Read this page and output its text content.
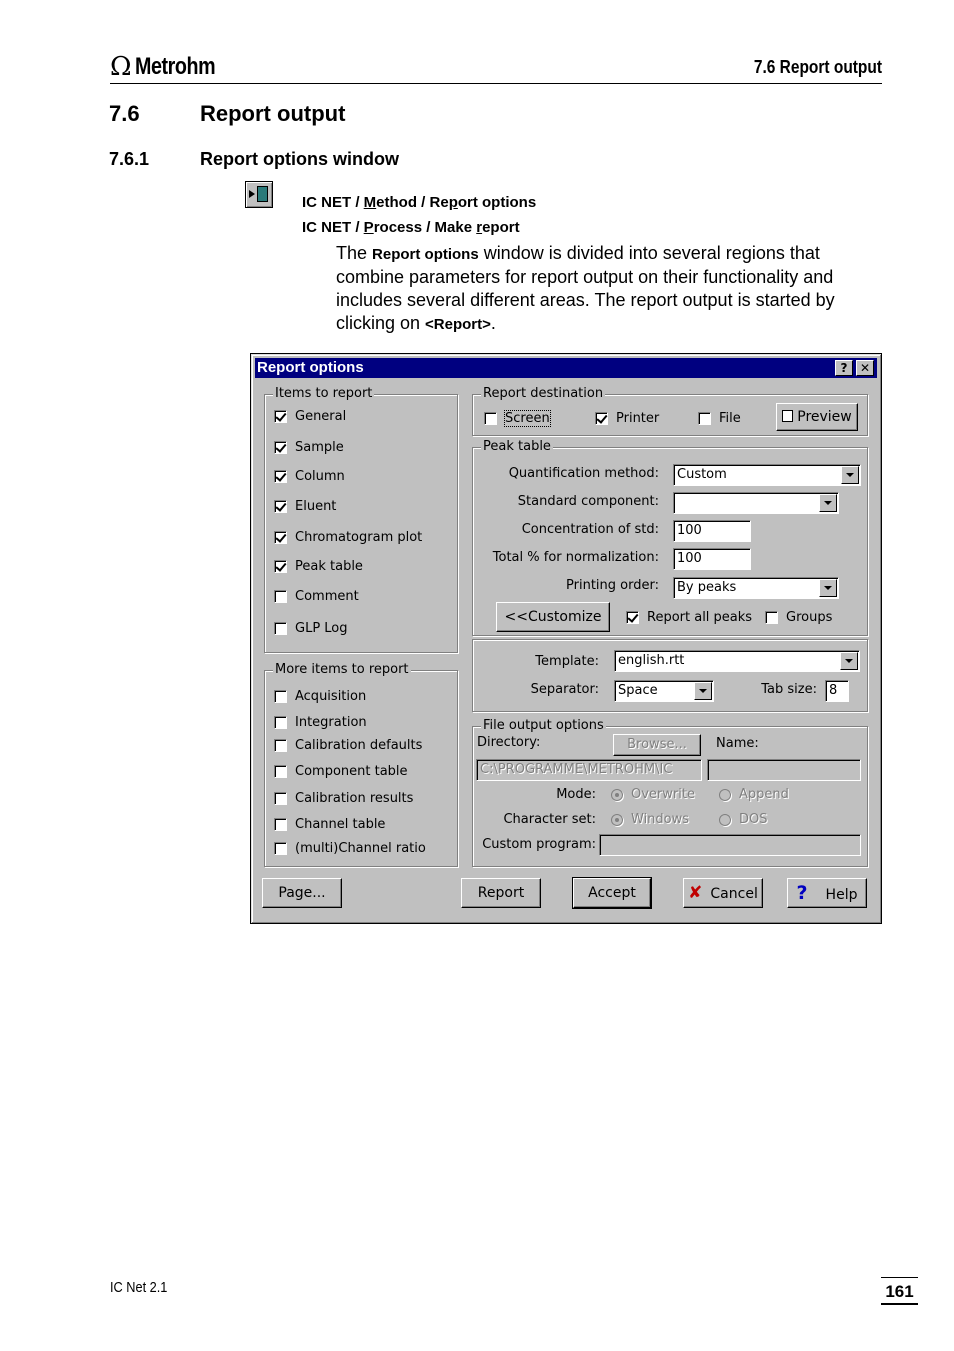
Ω Metrohm	7.6 Report output
7.6	Report output
7.6.1	Report options window
IC NET / Method / Report options
IC NET / Process / Make report
The Report options window is divided into several regions that combine parameters for report output on their functionality and includes several different areas. The report output is started by clicking on <Report>.
Report options	?	✕
Items to report
General
Sample
Column
Eluent
Chromatogram plot
Peak table
Comment
GLP Log
More items to report
Acquisition
Integration
Calibration defaults
Component table
Calibration results
Channel table
(multi)Channel ratio
Report destination
Screen	Printer	File	Preview
Peak table
Quantification method:	Custom
Standard component:
Concentration of std:	100
Total % for normalization:	100
Printing order:	By peaks
<<Customize	Report all peaks	Groups
Template:	english.rtt
Separator:	Space	Tab size: 8
File output options
Directory:	Browse...	Name:
C:\PROGRAMME\METROHM\IC
Mode:	Overwrite	Append
Character set:	Windows	DOS
Custom program:
Page...	Report	Accept	✘ Cancel	? Help
IC Net 2.1	161
